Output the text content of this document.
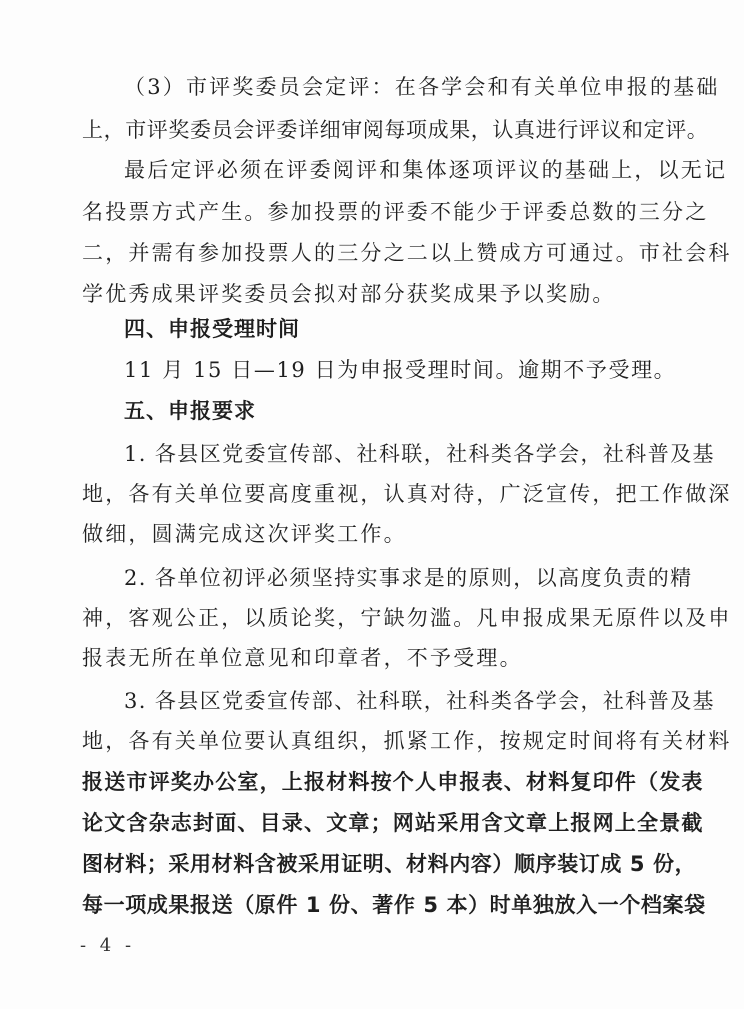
（3）市评奖委员会定评：在各学会和有关单位申报的基础
上，市评奖委员会评委详细审阅每项成果，认真进行评议和定评。
最后定评必须在评委阅评和集体逐项评议的基础上，以无记
名投票方式产生。参加投票的评委不能少于评委总数的三分之
二，并需有参加投票人的三分之二以上赞成方可通过。市社会科
学优秀成果评奖委员会拟对部分获奖成果予以奖励。
四、申报受理时间
11 月 15 日—19 日为申报受理时间。逾期不予受理。
五、申报要求
1. 各县区党委宣传部、社科联，社科类各学会，社科普及基
地，各有关单位要高度重视，认真对待，广泛宣传，把工作做深
做细，圆满完成这次评奖工作。
2. 各单位初评必须坚持实事求是的原则，以高度负责的精
神，客观公正，以质论奖，宁缺勿滥。凡申报成果无原件以及申
报表无所在单位意见和印章者，不予受理。
3. 各县区党委宣传部、社科联，社科类各学会，社科普及基
地，各有关单位要认真组织，抓紧工作，按规定时间将有关材料
报送市评奖办公室，上报材料按个人申报表、材料复印件（发表
论文含杂志封面、目录、文章；网站采用含文章上报网上全景截
图材料；采用材料含被采用证明、材料内容）顺序装订成 5 份，
每一项成果报送（原件 1 份、著作 5 本）时单独放入一个档案袋
- 4 -
